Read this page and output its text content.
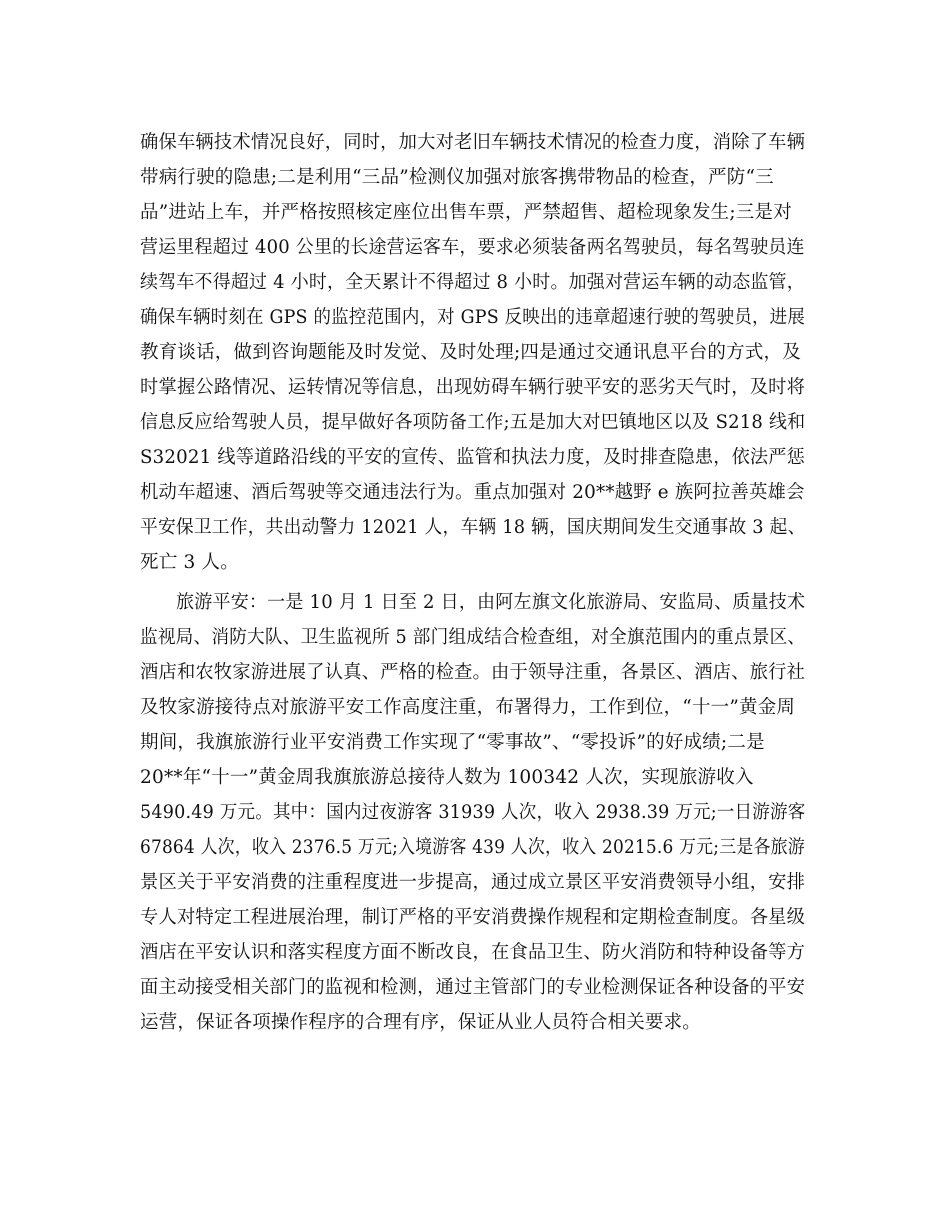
确保车辆技术情况良好，同时，加大对老旧车辆技术情况的检查力度，消除了车辆
带病行驶的隐患;二是利用“三品”检测仪加强对旅客携带物品的检查，严防“三
品”进站上车，并严格按照核定座位出售车票，严禁超售、超检现象发生;三是对
营运里程超过 400 公里的长途营运客车，要求必须装备两名驾驶员，每名驾驶员连
续驾车不得超过 4 小时，全天累计不得超过 8 小时。加强对营运车辆的动态监管，
确保车辆时刻在 GPS 的监控范围内，对 GPS 反映出的违章超速行驶的驾驶员，进展
教育谈话，做到咨询题能及时发觉、及时处理;四是通过交通讯息平台的方式，及
时掌握公路情况、运转情况等信息，出现妨碍车辆行驶平安的恶劣天气时，及时将
信息反应给驾驶人员，提早做好各项防备工作;五是加大对巴镇地区以及 S218 线和
S32021 线等道路沿线的平安的宣传、监管和执法力度，及时排查隐患，依法严惩
机动车超速、酒后驾驶等交通违法行为。重点加强对 20**越野 e 族阿拉善英雄会
平安保卫工作，共出动警力 12021 人，车辆 18 辆，国庆期间发生交通事故 3 起、
死亡 3 人。
旅游平安：一是 10 月 1 日至 2 日，由阿左旗文化旅游局、安监局、质量技术
监视局、消防大队、卫生监视所 5 部门组成结合检查组，对全旗范围内的重点景区、
酒店和农牧家游进展了认真、严格的检查。由于领导注重，各景区、酒店、旅行社
及牧家游接待点对旅游平安工作高度注重，布署得力，工作到位，“十一”黄金周
期间，我旗旅游行业平安消费工作实现了“零事故”、“零投诉”的好成绩;二是
20**年“十一”黄金周我旗旅游总接待人数为 100342 人次，实现旅游收入
5490.49 万元。其中：国内过夜游客 31939 人次，收入 2938.39 万元;一日游游客
67864 人次，收入 2376.5 万元;入境游客 439 人次，收入 20215.6 万元;三是各旅游
景区关于平安消费的注重程度进一步提高，通过成立景区平安消费领导小组，安排
专人对特定工程进展治理，制订严格的平安消费操作规程和定期检查制度。各星级
酒店在平安认识和落实程度方面不断改良，在食品卫生、防火消防和特种设备等方
面主动接受相关部门的监视和检测，通过主管部门的专业检测保证各种设备的平安
运营，保证各项操作程序的合理有序，保证从业人员符合相关要求。
